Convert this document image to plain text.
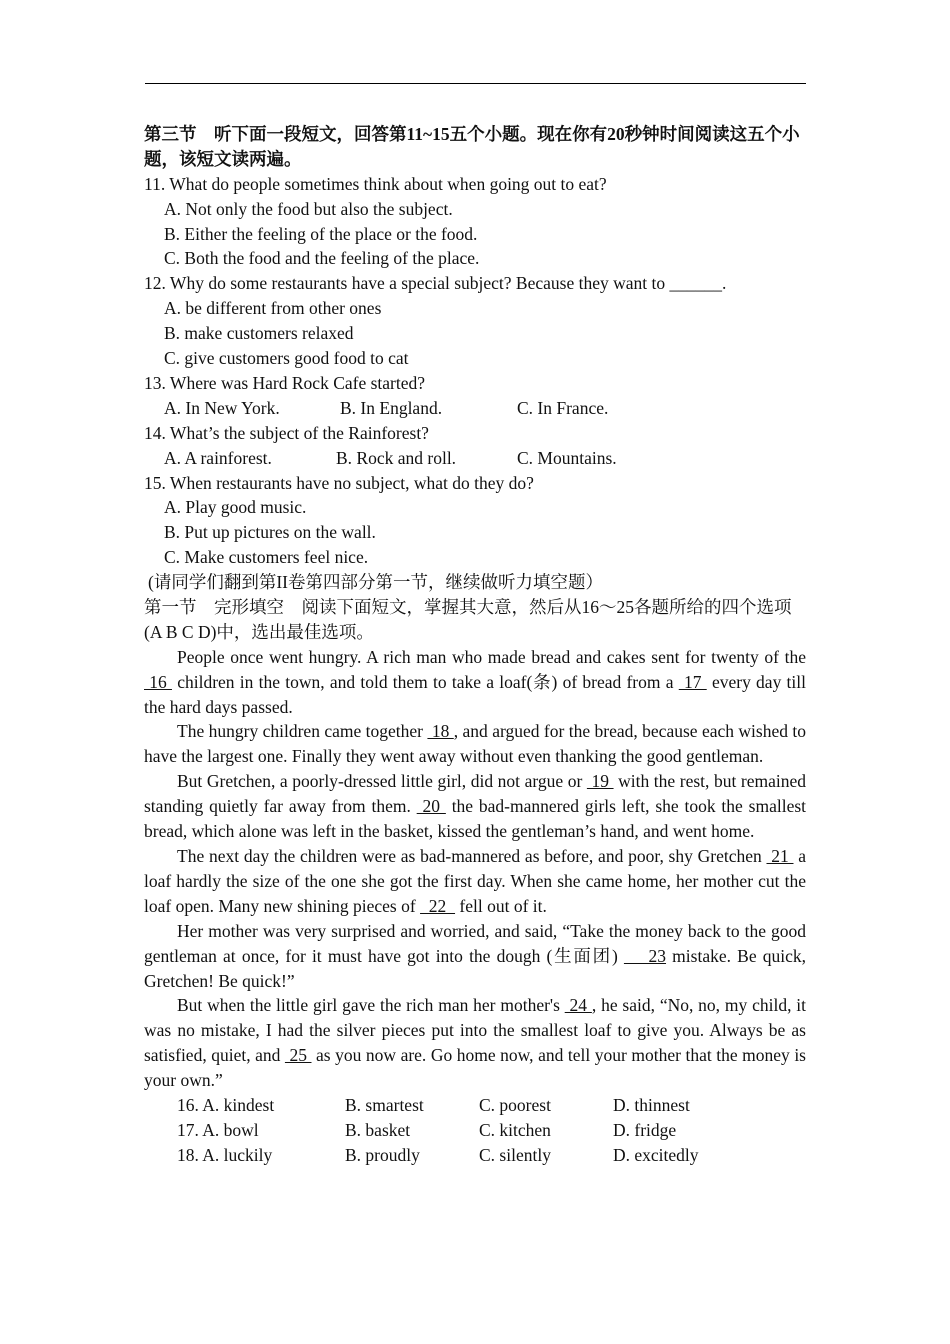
第三节　听下面一段短文，回答第11~15五个小题。现在你有20秒钟时间阅读这五个小题，该短文读两遍。
11. What do people sometimes think about when going out to eat?
A. Not only the food but also the subject.
B. Either the feeling of the place or the food.
C. Both the food and the feeling of the place.
12. Why do some restaurants have a special subject? Because they want to ______.
A. be different from other ones
B. make customers relaxed
C. give customers good food to cat
13. Where was Hard Rock Cafe started?
A. In New York.	B. In England.	C. In France.
14. What’s the subject of the Rainforest?
A. A rainforest.	B. Rock and roll.	C. Mountains.
15. When restaurants have no subject, what do they do?
A. Play good music.
B. Put up pictures on the wall.
C. Make customers feel nice.
(请同学们翻到第II卷第四部分第一节，继续做听力填空题）
第一节　完形填空　阅读下面短文，掌握其大意，然后从16～25各题所给的四个选项(A B C D)中，选出最佳选项。
People once went hungry. A rich man who made bread and cakes sent for twenty of the  16  children in the town, and told them to take a loaf(条) of bread from a  17  every day till the hard days passed.
The hungry children came together  18 , and argued for the bread, because each wished to have the largest one. Finally they went away without even thanking the good gentleman.
But Gretchen, a poorly-dressed little girl, did not argue or  19  with the rest, but remained standing quietly far away from them.  20  the bad-mannered girls left, she took the smallest bread, which alone was left in the basket, kissed the gentleman’s hand, and went home.
The next day the children were as bad-mannered as before, and poor, shy Gretchen  21  a loaf hardly the size of the one she got the first day. When she came home, her mother cut the loaf open. Many new shining pieces of   22   fell out of it.
Her mother was very surprised and worried, and said, “Take the money back to the good gentleman at once, for it must have got into the dough (生面团)     23 mistake. Be quick, Gretchen! Be quick!”
But when the little girl gave the rich man her mother's  24 , he said, “No, no, my child, it was no mistake, I had the silver pieces put into the smallest loaf to give you. Always be as satisfied, quiet, and  25  as you now are. Go home now, and tell your mother that the money is your own.”
16. A. kindest	B. smartest	C. poorest	D. thinnest
17. A. bowl	B. basket	C. kitchen	D. fridge
18. A. luckily	B. proudly	C. silently	D. excitedly
